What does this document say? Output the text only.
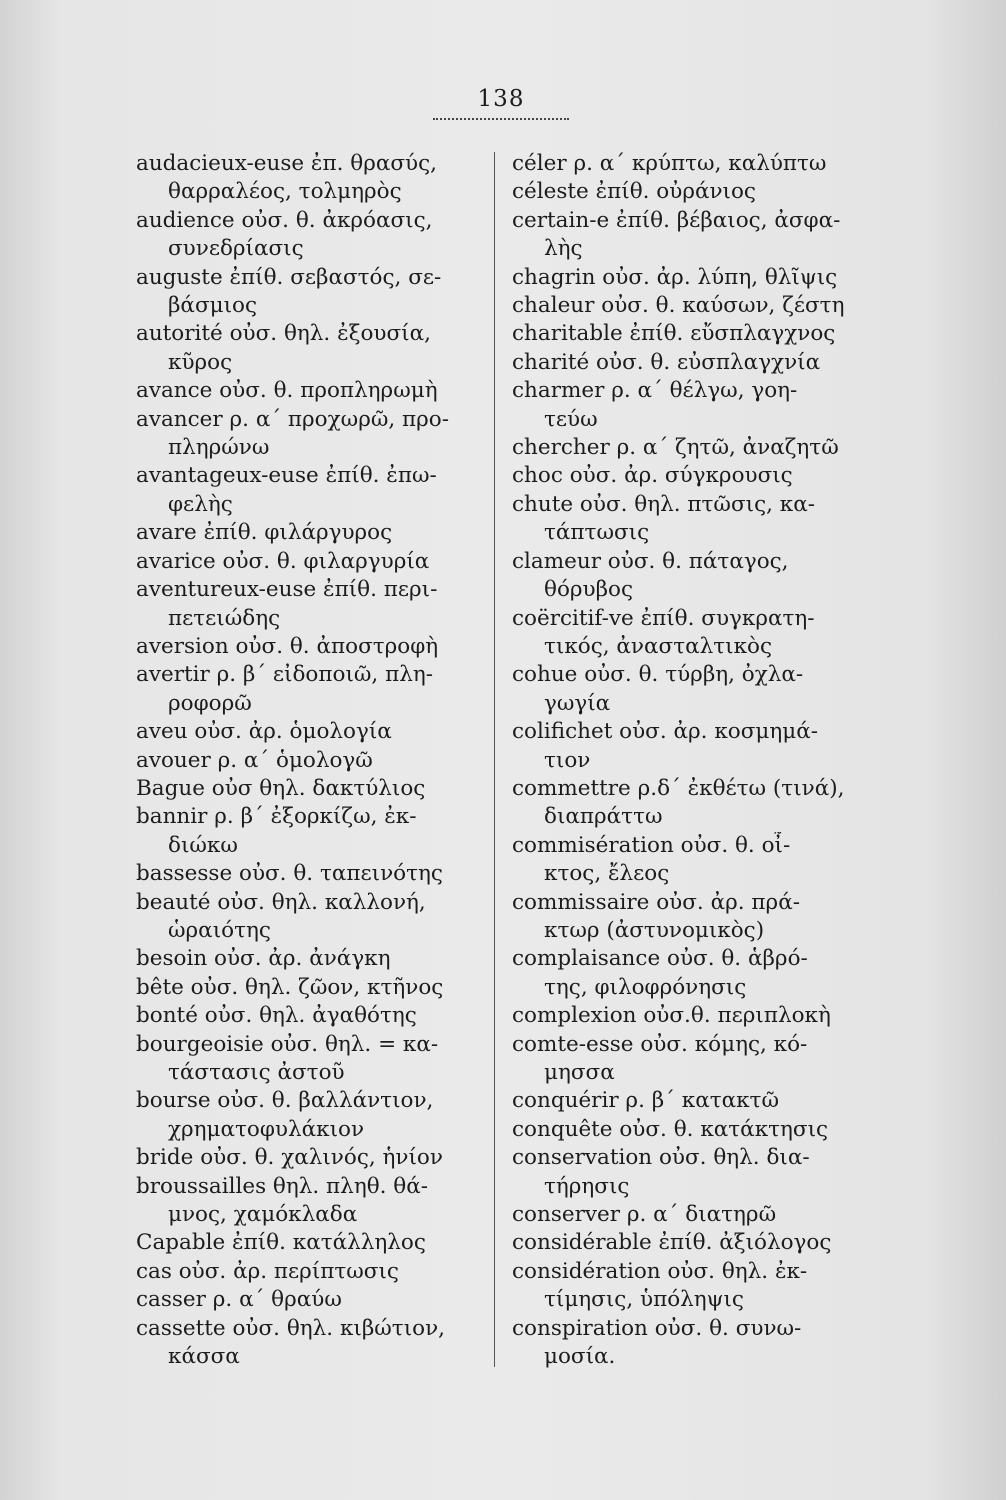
138
audacieux-euse ἐπ. θρασύς,
θαρραλέος, τολμηρὸς
audience οὐσ. θ. ἀκρόασις,
συνεδρίασις
auguste ἐπίθ. σεβαστός, σε-
βάσμιος
autorité οὐσ. θηλ. ἐξουσία,
κῦρος
avance οὐσ. θ. προπληρωμὴ
avancer ρ. α΄ προχωρῶ, προ-
πληρώνω
avantageux-euse ἐπίθ. ἐπω-
φελὴς
avare ἐπίθ. φιλάργυρος
avarice οὐσ. θ. φιλαργυρία
aventureux-euse ἐπίθ. περι-
πετειώδης
aversion οὐσ. θ. ἀποστροφὴ
avertir ρ. β΄ εἰδοποιῶ, πλη-
ροφορῶ
aveu οὐσ. ἀρ. ὁμολογία
avouer ρ. α΄ ὁμολογῶ
Bague οὐσ θηλ. δακτύλιος
bannir ρ. β΄ ἐξορκίζω, ἐκ-
διώκω
bassesse οὐσ. θ. ταπεινότης
beauté οὐσ. θηλ. καλλονή,
ὡραιότης
besoin οὐσ. ἀρ. ἀνάγκη
bête οὐσ. θηλ. ζῶον, κτῆνος
bonté οὐσ. θηλ. ἀγαθότης
bourgeoisie οὐσ. θηλ. = κα-
τάστασις ἀστοῦ
bourse οὐσ. θ. βαλλάντιον,
χρηματοφυλάκιον
bride οὐσ. θ. χαλινός, ἡνίον
broussailles θηλ. πληθ. θά-
μνος, χαμόκλαδα
Capable ἐπίθ. κατάλληλος
cas οὐσ. ἀρ. περίπτωσις
casser ρ. α΄ θραύω
cassette οὐσ. θηλ. κιβώτιον,
κάσσα
céler ρ. α΄ κρύπτω, καλύπτω
céleste ἐπίθ. οὐράνιος
certain-e ἐπίθ. βέβαιος, ἀσφα-
λὴς
chagrin οὐσ. ἀρ. λύπη, θλῖψις
chaleur οὐσ. θ. καύσων, ζέστη
charitable ἐπίθ. εὔσπλαγχνος
charité οὐσ. θ. εὐσπλαγχνία
charmer ρ. α΄ θέλγω, γοη-
τεύω
chercher ρ. α΄ ζητῶ, ἀναζητῶ
choc οὐσ. ἀρ. σύγκρουσις
chute οὐσ. θηλ. πτῶσις, κα-
τάπτωσις
clameur οὐσ. θ. πάταγος,
θόρυβος
coërcitif-ve ἐπίθ. συγκρατη-
τικός, ἀνασταλτικὸς
cohue οὐσ. θ. τύρβη, ὀχλα-
γωγία
colifichet οὐσ. ἀρ. κοσμημά-
τιον
commettre ρ.δ΄ ἐκθέτω (τινά),
διαπράττω
commisération οὐσ. θ. οἶ-
κτος, ἔλεος
commissaire οὐσ. ἀρ. πρά-
κτωρ (ἀστυνομικὸς)
complaisance οὐσ. θ. ἁβρό-
της, φιλοφρόνησις
complexion οὐσ.θ. περιπλοκὴ
comte-esse οὐσ. κόμης, κό-
μησσα
conquérir ρ. β΄ κατακτῶ
conquête οὐσ. θ. κατάκτησις
conservation οὐσ. θηλ. δια-
τήρησις
conserver ρ. α΄ διατηρῶ
considérable ἐπίθ. ἀξιόλογος
considération οὐσ. θηλ. ἐκ-
τίμησις, ὑπόληψις
conspiration οὐσ. θ. συνω-
μοσία.
